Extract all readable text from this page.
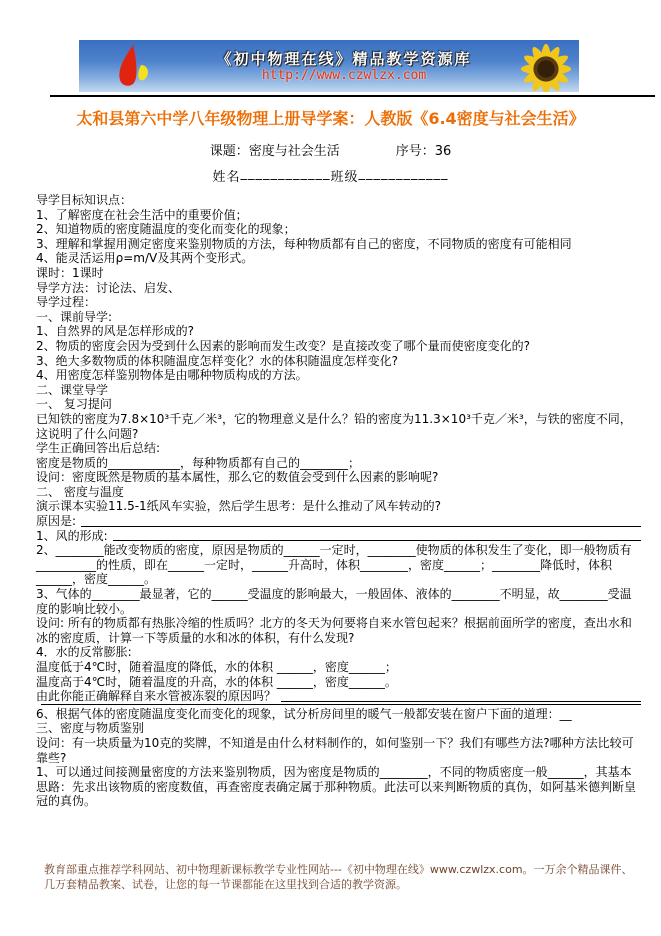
《初中物理在线》精品教学资源库
http://www.czwlzx.com
太和县第六中学八年级物理上册导学案：人教版《6.4密度与社会生活》
课题：密度与社会生活	序号：36
姓名 ____________ 班级 ____________

导学目标知识点：

1、了解密度在社会生活中的重要价值；

2、知道物质的密度随温度的变化而变化的现象；

3、理解和掌握用测定密度来鉴别物质的方法，每种物质都有自己的密度，不同物质的密度有可能相同

4、能灵活运用ρ=m/V及其两个变形式。

课时：1课时

导学方法：讨论法、启发、

导学过程：

一、课前导学:

1、自然界的风是怎样形成的?

2、物质的密度会因为受到什么因素的影响而发生改变？是直接改变了哪个量而使密度变化的?

3、绝大多数物质的体积随温度怎样变化？水的体积随温度怎样变化?

4、用密度怎样鉴别物体是由哪种物质构成的方法。

二、课堂导学

一、 复习提问

已知铁的密度为7.8×10³千克／米³，它的物理意义是什么？铅的密度为11.3×10³千克／米³，与铁的密度不同，这说明了什么问题?

学生正确回答出后总结:

密度是物质的____________，每种物质都有自己的________；

设问：密度既然是物质的基本属性，那么它的数值会受到什么因素的影响呢?

二、 密度与温度

演示课本实验11.5-1纸风车实验，然后学生思考：是什么推动了风车转动的?

原因是:

1、风的形成:

2、________能改变物质的密度，原因是物质的______一定时，________使物质的体积发生了变化，即一般物质有__________的性质，即在______一定时，______升高时，体积________，密度______；________降低时，体积______，密度______。

3、气体的________最显著，它的______受温度的影响最大，一般固体、液体的________不明显，故________受温度的影响比较小。

设问: 所有的物质都有热胀冷缩的性质吗？北方的冬天为何要将自来水管包起来？根据前面所学的密度，查出水和冰的密度质，计算一下等质量的水和冰的体积，有什么发现?

4．水的反常膨胀:

温度低于4℃时，随着温度的降低，水的体积 ______，密度______；

温度高于4℃时，随着温度的升高，水的体积 ______，密度______。

由此你能正确解释自来水管被冻裂的原因吗？

6、根据气体的密度随温度变化而变化的现象，试分析房间里的暖气一般都安装在窗户下面的道理：__

三、密度与物质鉴别

设问：有一块质量为10克的奖牌，不知道是由什么材料制作的，如何鉴别一下？我们有哪些方法?哪种方法比较可靠些?

1、可以通过间接测量密度的方法来鉴别物质，因为密度是物质的________，不同的物质密度一般______，其基本思路：先求出该物质的密度数值，再查密度表确定属于那种物质。此法可以来判断物质的真伪，如阿基米德判断皇冠的真伪。

教育部重点推荐学科网站、初中物理新课标教学专业性网站---《初中物理在线》www.czwlzx.com。一万余个精品课件、几万套精品教案、试卷，让您的每一节课都能在这里找到合适的教学资源。
